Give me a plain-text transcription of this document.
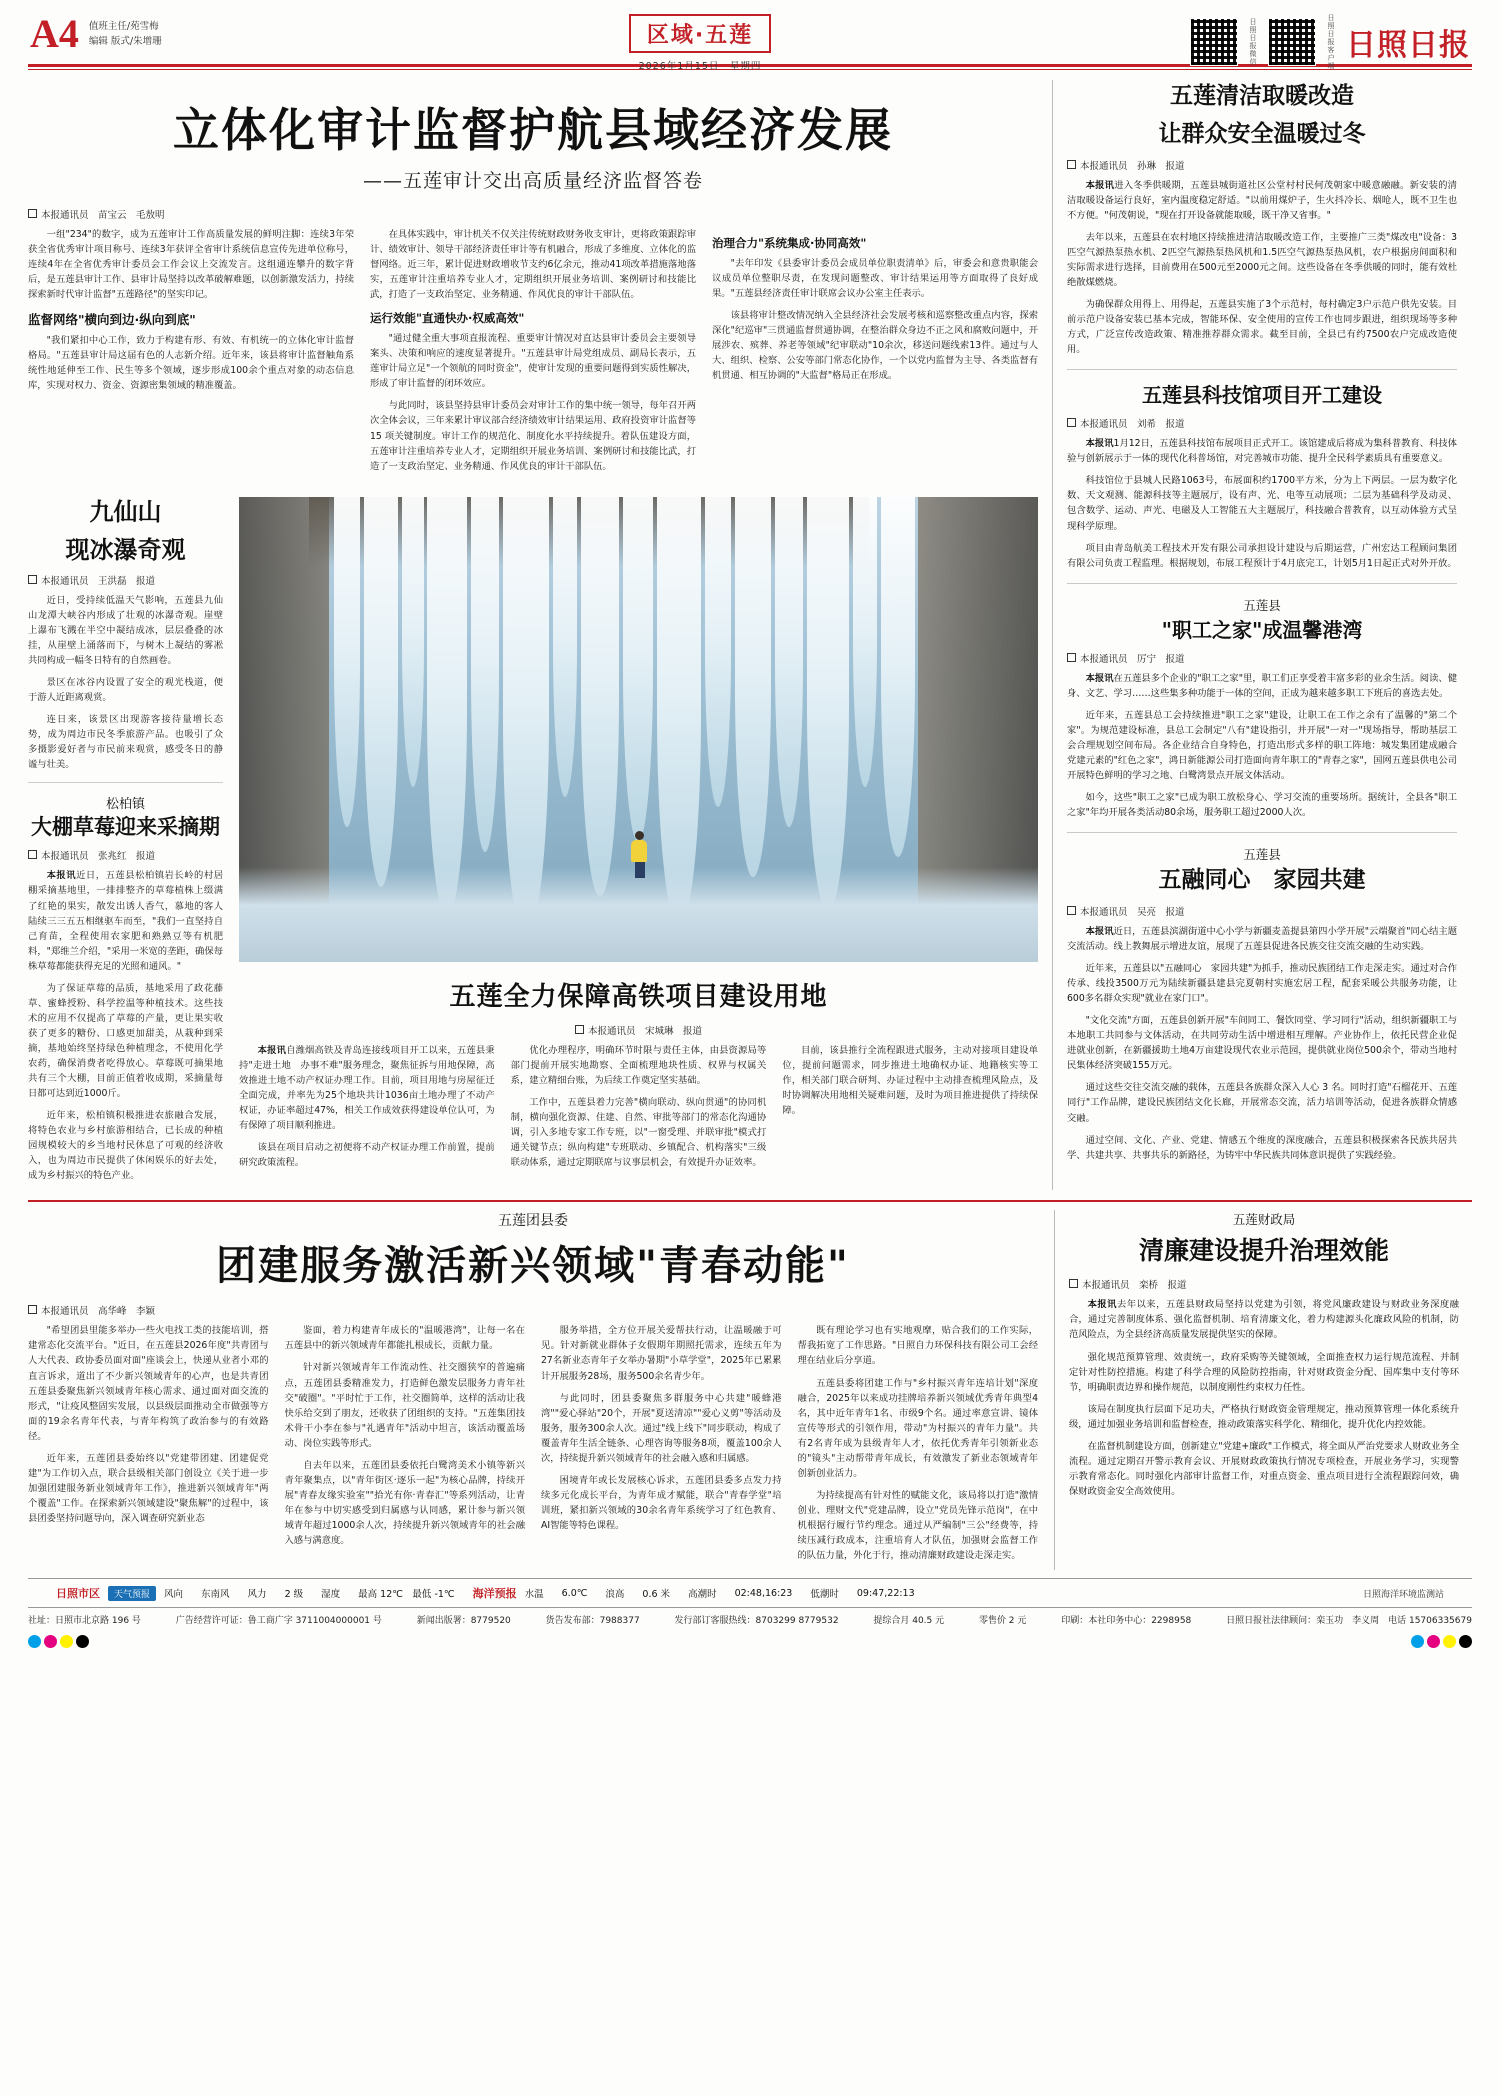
A4 值班主任/苑雪梅
编辑 版式/朱增珊	区域·五莲
2026年1月15日　星期四
日照日报微信	日照日报客户端 日照日报
立体化审计监督护航县域经济发展
——五莲审计交出高质量经济监督答卷
本报通讯员　苗宝云　毛敖明

一组"234"的数字，成为五莲审计工作高质量发展的鲜明注脚：连续3年荣获全省优秀审计项目称号、连续3年获评全省审计系统信息宣传先进单位称号，连续4年在全省优秀审计委员会工作会议上交流发言。这组通连攀升的数字背后，是五莲县审计工作、县审计局坚持以改革破解难题，以创新激发活力，持续探索新时代审计监督"五莲路径"的坚实印记。

监督网络"横向到边·纵向到底"

"我们紧扣中心工作，致力于构建有形、有效、有机统一的立体化审计监督格局。"五莲县审计局这届有色的人志新介绍。近年来，该县将审计监督触角系统性地延伸至工作、民生等多个领域，逐步形成100余个重点对象的动态信息库，实现对权力、资金、资源密集领域的精准覆盖。

在具体实践中，审计机关不仅关注传统财政财务收支审计，更将政策跟踪审计、绩效审计、领导干部经济责任审计等有机融合，形成了多维度、立体化的监督网络。近三年，累计促进财政增收节支约6亿余元，推动41项改革措施落地落实，五莲审计注重培养专业人才，定期组织开展业务培训、案例研讨和技能比武，打造了一支政治坚定、业务精通、作风优良的审计干部队伍。

运行效能"直通快办·权威高效"

"通过健全重大事项直报流程、重要审计情况对直达县审计委员会主要领导案头、决策和响应的速度显著提升。"五莲县审计局党组成员、副局长表示，五莲审计局立足"一个领航的同时资金"，使审计发现的重要问题得到实质性解决，形成了审计监督的闭环效应。

与此同时，该县坚持县审计委员会对审计工作的集中统一领导，每年召开两次全体会议，三年来累计审议部合经济绩效审计结果运用、政府投资审计监督等15 项关键制度。审计工作的规范化、制度化水平持续提升。着队伍建设方面，五莲审计注重培养专业人才，定期组织开展业务培训、案例研讨和技能比武，打造了一支政治坚定、业务精通、作风优良的审计干部队伍。

治理合力"系统集成·协同高效"

"去年印发《县委审计委员会成员单位职责清单》后，审委会和意贵职能会议成员单位整职尽责，在发现问题整改、审计结果运用等方面取得了良好成果。"五莲县经济责任审计联席会议办公室主任表示。

该县将审计整改情况纳入全县经济社会发展考核和巡察整改重点内容，探索深化"纪巡审"三贯通监督贯通协调，在整治群众身边不正之风和腐败问题中，开展涉农、殡葬、养老等领域"纪审联动"10余次，移送问题线索13件。通过与人大、组织、检察、公安等部门常态化协作，一个以党内监督为主导、各类监督有机贯通、相互协调的"大监督"格局正在形成。

九仙山
现冰瀑奇观
本报通讯员　王洪磊　报道

近日，受持续低温天气影响，五莲县九仙山龙潭大峡谷内形成了壮观的冰瀑奇观。崖壁上瀑布飞溅在半空中凝结成冰，层层叠叠的冰挂，从崖壁上涌落而下，与树木上凝结的雾凇共同构成一幅冬日特有的自然画卷。

景区在冰谷内设置了安全的观光栈道，便于游人近距离观赏。

连日来，该景区出现游客接待量增长态势，成为周边市民冬季旅游产品。也吸引了众多摄影爱好者与市民前来观赏，感受冬日的静谧与壮美。

松柏镇
大棚草莓迎来采摘期
本报通讯员　张兆红　报道

本报讯近日，五莲县松柏镇岩长岭的村居棚采摘基地里，一排排整齐的草莓植株上缀满了红艳的果实，散发出诱人香气，慕地的客人陆续三三五五相继驱车而至，"我们一直坚持自己育苗，全程使用农家肥和熟熟豆等有机肥料，"郑维兰介绍，"采用一米宽的垄距，确保每株草莓都能获得充足的光照和通风。"

为了保证草莓的品质，基地采用了政花藤草、蜜蜂授粉、科学控温等种植技术。这些技术的应用不仅提高了草莓的产量，更让果实收获了更多的糖份、口感更加甜美，从栽种到采摘，基地始终坚持绿色种植理念，不使用化学农药，确保消费者吃得放心。草莓既可摘果地共有三个大棚，目前正值着收成期，采摘量每日都可达到近1000斤。

近年来，松柏镇积极推进农旅融合发展，将特色农业与乡村旅游相结合，已长成的种植园规模较大的乡当地村民休息了可观的经济收入，也为周边市民提供了休闲娱乐的好去处，成为乡村振兴的特色产业。

五莲全力保障高铁项目建设用地
本报通讯员　宋城琳　报道

本报讯自潍烟高铁及青岛连接线项目开工以来，五莲县秉持"走进土地　办事不难"服务理念，聚焦征拆与用地保障，高效推进土地不动产权证办理工作。目前，项目用地与房屋征迁全面完成，并率先为25个地块共计1036亩土地办理了不动产权证，办证率超过47%，相关工作成效获得建设单位认可，为有保障了项目顺利推进。

该县在项目启动之初便将不动产权证办理工作前置，提前研究政策流程。

优化办理程序，明确环节时限与责任主体，由县资源局等部门提前开展实地勘察、全面梳理地块性质、权界与权属关系，建立精细台账，为后续工作奠定坚实基础。

工作中，五莲县着力完善"横向联动、纵向贯通"的协同机制，横向强化资源、住建、自然、审批等部门的常态化沟通协调，引入多地专家工作专班，以"一窗受理、并联审批"模式打通关键节点；纵向构建"专班联动、乡镇配合、机构落实"三级联动体系，通过定期联席与议事层机会，有效提升办证效率。

目前，该县推行全流程跟进式服务，主动对接项目建设单位，提前问题需求，同步推进土地确权办证、地籍核实等工作，相关部门联合研判、办证过程中主动排查梳理风险点，及时协调解决用地相关疑难问题，及时为项目推进提供了持续保障。

五莲清洁取暖改造
让群众安全温暖过冬
本报通讯员　孙琳　报道

本报讯进入冬季供暖期，五莲县城街道社区公堂村村民何茂朝家中暖意融融。新安装的清洁取暖设备运行良好，室内温度稳定舒适。"以前用煤炉子，生火抖冷长、烟呛人，既不卫生也不方便。"何茂朝说，"现在打开设备就能取暖，既干净又省事。"

去年以来，五莲县在农村地区持续推进清洁取暖改造工作，主要推广三类"煤改电"设备：3 匹空气源热泵热水机、2匹空气源热泵热风机和1.5匹空气源热泵热风机，农户根据房间面积和实际需求进行选择，目前费用在500元至2000元之间。这些设备在冬季供暖的同时，能有效杜绝散煤燃烧。

为确保群众用得上、用得起，五莲县实施了3个示范村，每村确定3户示范户供先安装。目前示范户设备安装已基本完成，智能环保、安全使用的宣传工作也同步跟进，组织现场等多种方式，广泛宣传改造政策、精准推荐群众需求。截至目前，全县已有约7500农户完成改造使用。

五莲县科技馆项目开工建设
本报通讯员　刘希　报道

本报讯1月12日，五莲县科技馆布展项目正式开工。该馆建成后将成为集科普教育、科技体验与创新展示于一体的现代化科普场馆，对完善城市功能、提升全民科学素质具有重要意义。

科技馆位于县城人民路1063号，布展面积约1700平方米，分为上下两层。一层为数字化数、天文观测、能源科技等主题展厅，设有声、光、电等互动展项；二层为基础科学及动灵、包含数学、运动、声光、电磁及人工智能五大主题展厅，科技融合普教育，以互动体验方式呈现科学原理。

项目由青岛航美工程技术开发有限公司承担设计建设与后期运营，广州宏达工程顾问集团有限公司负责工程监理。根据规划，布展工程预计于4月底完工，计划5月1日起正式对外开放。

五莲县
"职工之家"成温馨港湾
本报通讯员　厉宁　报道

本报讯在五莲县多个企业的"职工之家"里，职工们正享受着丰富多彩的业余生活。阅读、健身、文艺、学习……这些集多种功能于一体的空间，正成为越来越多职工下班后的喜选去处。

近年来，五莲县总工会持续推进"职工之家"建设，让职工在工作之余有了温馨的"第二个家"。为规范建设标准，县总工会制定"八有"建设指引，并开展"一对一"现场指导，帮助基层工会合理规划空间布局。各企业结合自身特色，打造出形式多样的职工阵地：城发集团建成融合党建元素的"红色之家"，鸿日新能源公司打造面向青年职工的"青春之家"，国网五莲县供电公司开展特色鲜明的学习之地、白鹭湾景点开展文体活动。

如今，这些"职工之家"已成为职工放松身心、学习交流的重要场所。据统计，全县各"职工之家"年均开展各类活动80余场，服务职工超过2000人次。

五莲县
五融同心　家园共建
本报通讯员　吴亮　报道

本报讯近日，五莲县滨湖街道中心小学与新疆麦盖提县第四小学开展"云端聚首"同心结主题交流活动。线上教舞展示增进友谊，展现了五莲县促进各民族交往交流交融的生动实践。

近年来，五莲县以"五融同心　家园共建"为抓手，推动民族团结工作走深走实。通过对合作传承、线投3500万元为陆续新疆县建县完夏朝村实施宏居工程，配套采暖公共服务功能，让600多名群众实现"就业在家门口"。

"文化交流"方面，五莲县创新开展"车间同工、餐饮同堂、学习同行"活动，组织新疆职工与本地职工共同参与文体活动，在共同劳动生活中增进相互理解。产业协作上，依托民营企业促进就业创新，在新疆援助土地4万亩建设现代农业示范园，提供就业岗位500余个，带动当地村民集体经济突破155万元。

通过这些交往交流交融的载体，五莲县各族群众深入人心 3 名。同时打造"石榴花开、五莲同行"工作品牌，建设民族团结文化长廊，开展常态交流，活力培训等活动，促进各族群众情感交融。

通过空间、文化、产业、党建、情感五个维度的深度融合，五莲县积极探索各民族共居共学、共建共享、共事共乐的新路径，为铸牢中华民族共同体意识提供了实践经验。

五莲团县委
团建服务激活新兴领域"青春动能"
本报通讯员　高华峰　李颖

"希望团县里能多举办一些火电找工类的技能培训，搭建常态化交流平台。"近日，在五莲县2026年度"共青团与人大代表、政协委员面对面"座谈会上，快递从业者小邓的直言诉求，道出了不少新兴领域青年的心声，也是共青团五莲县委聚焦新兴领域青年核心需求、通过面对面交流的形式，"让疫风整固实发展，以县级层面推动全市做强等方面的19余名青年代表，与青年构筑了政治参与的有效路径。

近年来，五莲团县委始终以"党建带团建、团建促党建"为工作切入点，联合县级相关部门创设立《关于进一步加强团建服务新业领域青年工作》，推进新兴领域青年"两个覆盖"工作。在探索新兴领域建设"聚焦解"的过程中，该县团委坚持问题导向，深入调查研究新业态

鉴面，着力构建青年成长的"温暖港湾"，让每一名在五莲县中的新兴领域青年都能扎根成长，贡献力量。

针对新兴领域青年工作流动性、社交圈狭窄的普遍痛点，五莲团县委精准发力，打造鲜色激发层服务力青年社交"破圈"。"平时忙于工作，社交圈简单，这样的活动让我快乐给交到了朋友，还收获了团组织的支持。"五莲集团技术骨干小李在参与"礼遇青年"活动中坦言，该活动覆盖场动、岗位实践等形式。

自去年以来，五莲团县委依托白鹭湾美术小镇等新兴青年聚集点，以"青年街区·逐乐一起"为核心品牌，持续开展"青春友缘实验室""拾光有你·青春汇"等系列活动，让青年在参与中切实感受到归属感与认同感，累计参与新兴领域青年超过1000余人次，持续提升新兴领域青年的社会融入感与满意度。

服务举措，全方位开展关爱帮扶行动，让温暖融于可见。针对新就业群体子女假期年期照托需求，连续五年为27名新业态青年子女举办暑期"小草学堂"，2025年已累累计开展服务28场，服务500余名青少年。

与此同时，团县委聚焦多群服务中心共建"暖蜂港湾""爱心驿站"20个，开展"夏送清凉""爱心义剪"等活动及服务，服务300余人次。通过"线上线下"同步联动，构成了覆盖青年生活全链条、心理咨询等服务8项，覆盖100余人次，持续提升新兴领域青年的社会融入感和归属感。

困境青年或长发展核心诉求，五莲团县委多点发力持续多元化成长平台，为青年成才赋能，联合"青春学堂"培训班，紧扣新兴领域的30余名青年系统学习了红色教育、AI智能等特色课程。

既有理论学习也有实地观摩，贴合我们的工作实际，帮我拓宽了工作思路。"日照自力环保科技有限公司工会经理在结业后分享道。

五莲县委将团建工作与"乡村振兴青年连培计划"深度融合，2025年以来成功挂牌培养新兴领域优秀青年典型4名，其中近年青年1名、市级9个名。通过率意宣讲、镜体宣传等形式的引领作用，带动"为村振兴的青年力量"。共有2名青年成为县级青年人才，依托优秀青年引领新业态的"镜头"主动帮带青年成长，有效激发了新业态领域青年创新创业活力。

为持续提高有针对性的赋能文化，该局将以打造"激情创业、理财文代"党建品牌，设立"党员先锋示范岗"，在中机根据行履行节约理念。通过从严编制"三公"经费等，持续压减行政成本，注重培育人才队伍，加强财会监督工作的队伍力量，外化于行，推动清廉财政建设走深走实。

五莲财政局
清廉建设提升治理效能
本报通讯员　栾桥　报道

本报讯去年以来，五莲县财政局坚持以党建为引领，将党风廉政建设与财政业务深度融合，通过完善制度体系、强化监督机制、培育清廉文化，着力构建源头化廉政风险的机制，防范风险点，为全县经济高质量发展提供坚实的保障。

强化规范预算管理、效责统一，政府采购等关键领域，全面推查权力运行规范流程、并制定针对性防控措施。构建了科学合理的风险防控指南，针对财政资金分配、国库集中支付等环节，明确职责边界和操作规范，以制度刚性约束权力任性。

该局在制度执行层面下足功夫，严格执行财政资金管理规定，推动预算管理一体化系统升级，通过加强业务培训和监督检查，推动政策落实科学化、精细化，提升优化内控效能。

在监督机制建设方面，创新建立"党建+廉政"工作模式，将全面从严治党要求人财政业务全流程。通过定期召开警示教育会议、开展财政政策执行情况专项检查，开展业务学习，实现警示教育常态化。同时强化内部审计监督工作，对重点资金、重点项目进行全流程跟踪问效，确保财政资金安全高效使用。

日照市区	天气预报	风向 东南风 风力 2 级 湿度 最高 12℃　最低 -1℃ 海洋预报 水温 6.0℃ 浪高 0.6 米 高潮时 02:48,16:23 低潮时 09:47,22:13	日照海洋环境监测站
社址：日照市北京路 196 号	广告经营许可证：鲁工商广字 3711004000001 号	新闻出版署：8779520	货告发布部：7988377	发行部订客服热线：8703299 8779532	提综合月 40.5 元	零售价 2 元	印刷：本社印务中心：2298958	日照日报社法律顾问：栾玉功　李义周　电话 15706335679
